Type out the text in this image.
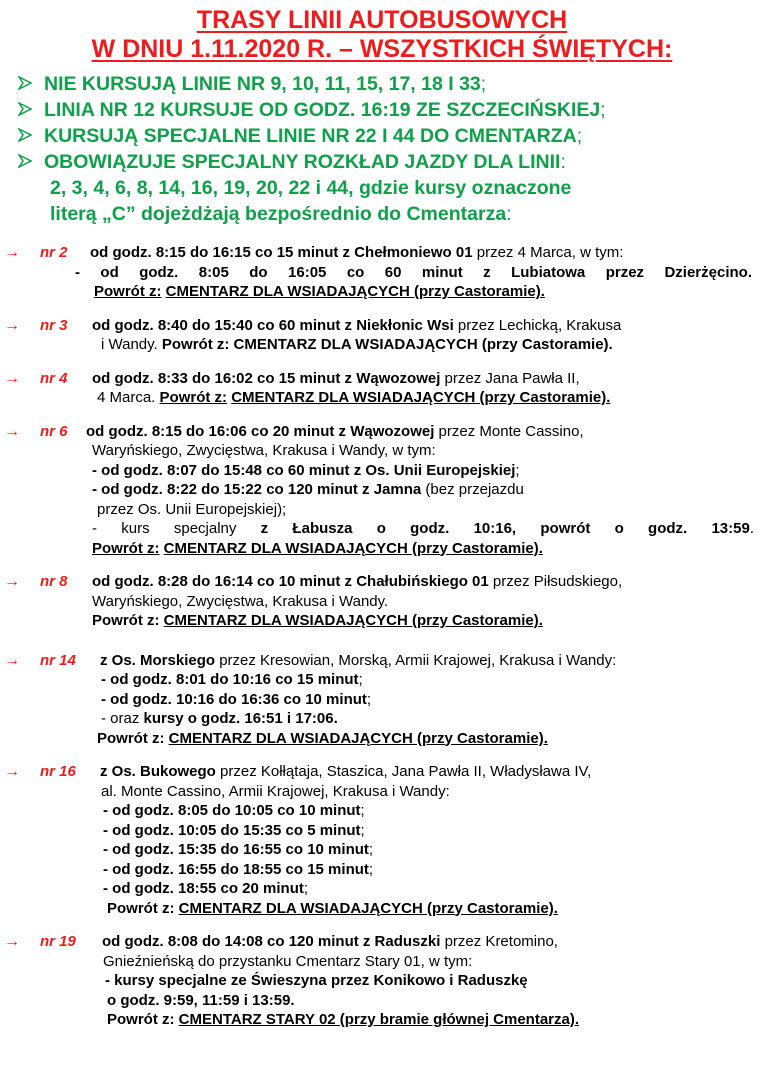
TRASY LINII AUTOBUSOWYCH
W DNIU 1.11.2020 R. – WSZYSTKICH ŚWIĘTYCH:
NIE KURSUJĄ LINIE NR 9, 10, 11, 15, 17, 18 I 33;
LINIA NR 12 KURSUJE OD GODZ. 16:19 ZE SZCZECIŃSKIEJ;
KURSUJĄ SPECJALNE LINIE NR 22 I 44 DO CMENTARZA;
OBOWIĄZUJE SPECJALNY ROZKŁAD JAZDY DLA LINII:
2, 3, 4, 6, 8, 14, 16, 19, 20, 22 i 44, gdzie kursy oznaczone
literą „C” dojeżdżają bezpośrednio do Cmentarza:
→ nr 2 od godz. 8:15 do 16:15 co 15 minut z Chełmoniewo 01 przez 4 Marca, w tym:
- od godz. 8:05 do 16:05 co 60 minut z Lubiatowa przez Dzierżęcino.
Powrót z: CMENTARZ DLA WSIADAJĄCYCH (przy Castoramie).
→ nr 3 od godz. 8:40 do 15:40 co 60 minut z Niekłonic Wsi przez Lechicką, Krakusa
i Wandy. Powrót z: CMENTARZ DLA WSIADAJĄCYCH (przy Castoramie).
→ nr 4 od godz. 8:33 do 16:02 co 15 minut z Wąwozowej przez Jana Pawła II,
4 Marca. Powrót z: CMENTARZ DLA WSIADAJĄCYCH (przy Castoramie).
→ nr 6 od godz. 8:15 do 16:06 co 20 minut z Wąwozowej przez Monte Cassino,
Waryńskiego, Zwycięstwa, Krakusa i Wandy, w tym:
- od godz. 8:07 do 15:48 co 60 minut z Os. Unii Europejskiej;
- od godz. 8:22 do 15:22 co 120 minut z Jamna (bez przejazdu
przez Os. Unii Europejskiej);
- kurs specjalny z Łabusza o godz. 10:16, powrót o godz. 13:59.
Powrót z: CMENTARZ DLA WSIADAJĄCYCH (przy Castoramie).
→ nr 8 od godz. 8:28 do 16:14 co 10 minut z Chałubińskiego 01 przez Piłsudskiego,
Waryńskiego, Zwycięstwa, Krakusa i Wandy.
Powrót z: CMENTARZ DLA WSIADAJĄCYCH (przy Castoramie).
→ nr 14 z Os. Morskiego przez Kresowian, Morską, Armii Krajowej, Krakusa i Wandy:
- od godz. 8:01 do 10:16 co 15 minut;
- od godz. 10:16 do 16:36 co 10 minut;
- oraz kursy o godz. 16:51 i 17:06.
Powrót z: CMENTARZ DLA WSIADAJĄCYCH (przy Castoramie).
→ nr 16 z Os. Bukowego przez Kołłątaja, Staszica, Jana Pawła II, Władysława IV,
al. Monte Cassino, Armii Krajowej, Krakusa i Wandy:
- od godz. 8:05 do 10:05 co 10 minut;
- od godz. 10:05 do 15:35 co 5 minut;
- od godz. 15:35 do 16:55 co 10 minut;
- od godz. 16:55 do 18:55 co 15 minut;
- od godz. 18:55 co 20 minut;
Powrót z: CMENTARZ DLA WSIADAJĄCYCH (przy Castoramie).
→ nr 19 od godz. 8:08 do 14:08 co 120 minut z Raduszki przez Kretomino,
Gnieźnieńską do przystanku Cmentarz Stary 01, w tym:
- kursy specjalne ze Świeszyna przez Konikowo i Raduszkę
o godz. 9:59, 11:59 i 13:59.
Powrót z: CMENTARZ STARY 02 (przy bramie głównej Cmentarza).
